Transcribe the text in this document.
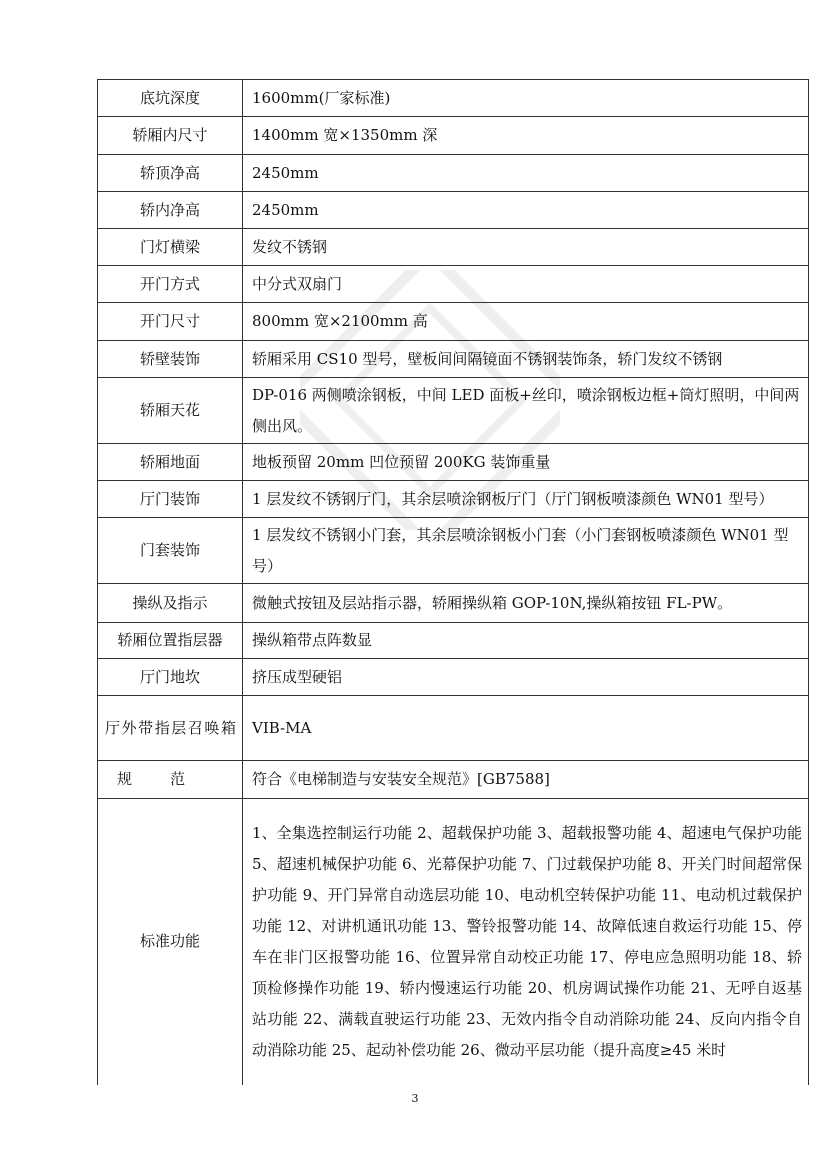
底坑深度	1600mm(厂家标准)
轿厢内尺寸	1400mm 宽×1350mm 深
轿顶净高	2450mm
轿内净高	2450mm
门灯横梁	发纹不锈钢
开门方式	中分式双扇门
开门尺寸	800mm 宽×2100mm 高
轿壁装饰	轿厢采用 CS10 型号，壁板间间隔镜面不锈钢装饰条，轿门发纹不锈钢
轿厢天花	DP-016 两侧喷涂钢板，中间 LED 面板+丝印，喷涂钢板边框+筒灯照明，中间两侧出风。
轿厢地面	地板预留 20mm 凹位预留 200KG 装饰重量
厅门装饰	1 层发纹不锈钢厅门，其余层喷涂钢板厅门（厅门钢板喷漆颜色 WN01 型号）
门套装饰	1 层发纹不锈钢小门套，其余层喷涂钢板小门套（小门套钢板喷漆颜色 WN01 型号）
操纵及指示	微触式按钮及层站指示器，轿厢操纵箱 GOP-10N,操纵箱按钮 FL-PW。
轿厢位置指层器	操纵箱带点阵数显
厅门地坎	挤压成型硬铝
厅外带指层召唤箱	VIB-MA
规范	符合《电梯制造与安装安全规范》[GB7588]
标准功能	1、全集选控制运行功能 2、超载保护功能 3、超载报警功能 4、超速电气保护功能 5、超速机械保护功能 6、光幕保护功能 7、门过载保护功能 8、开关门时间超常保护功能 9、开门异常自动选层功能 10、电动机空转保护功能 11、电动机过载保护功能 12、对讲机通讯功能 13、警铃报警功能 14、故障低速自救运行功能 15、停车在非门区报警功能 16、位置异常自动校正功能 17、停电应急照明功能 18、轿顶检修操作功能 19、轿内慢速运行功能 20、机房调试操作功能 21、无呼自返基站功能 22、满载直驶运行功能 23、无效内指令自动消除功能 24、反向内指令自动消除功能 25、起动补偿功能 26、微动平层功能（提升高度≥45 米时
3
